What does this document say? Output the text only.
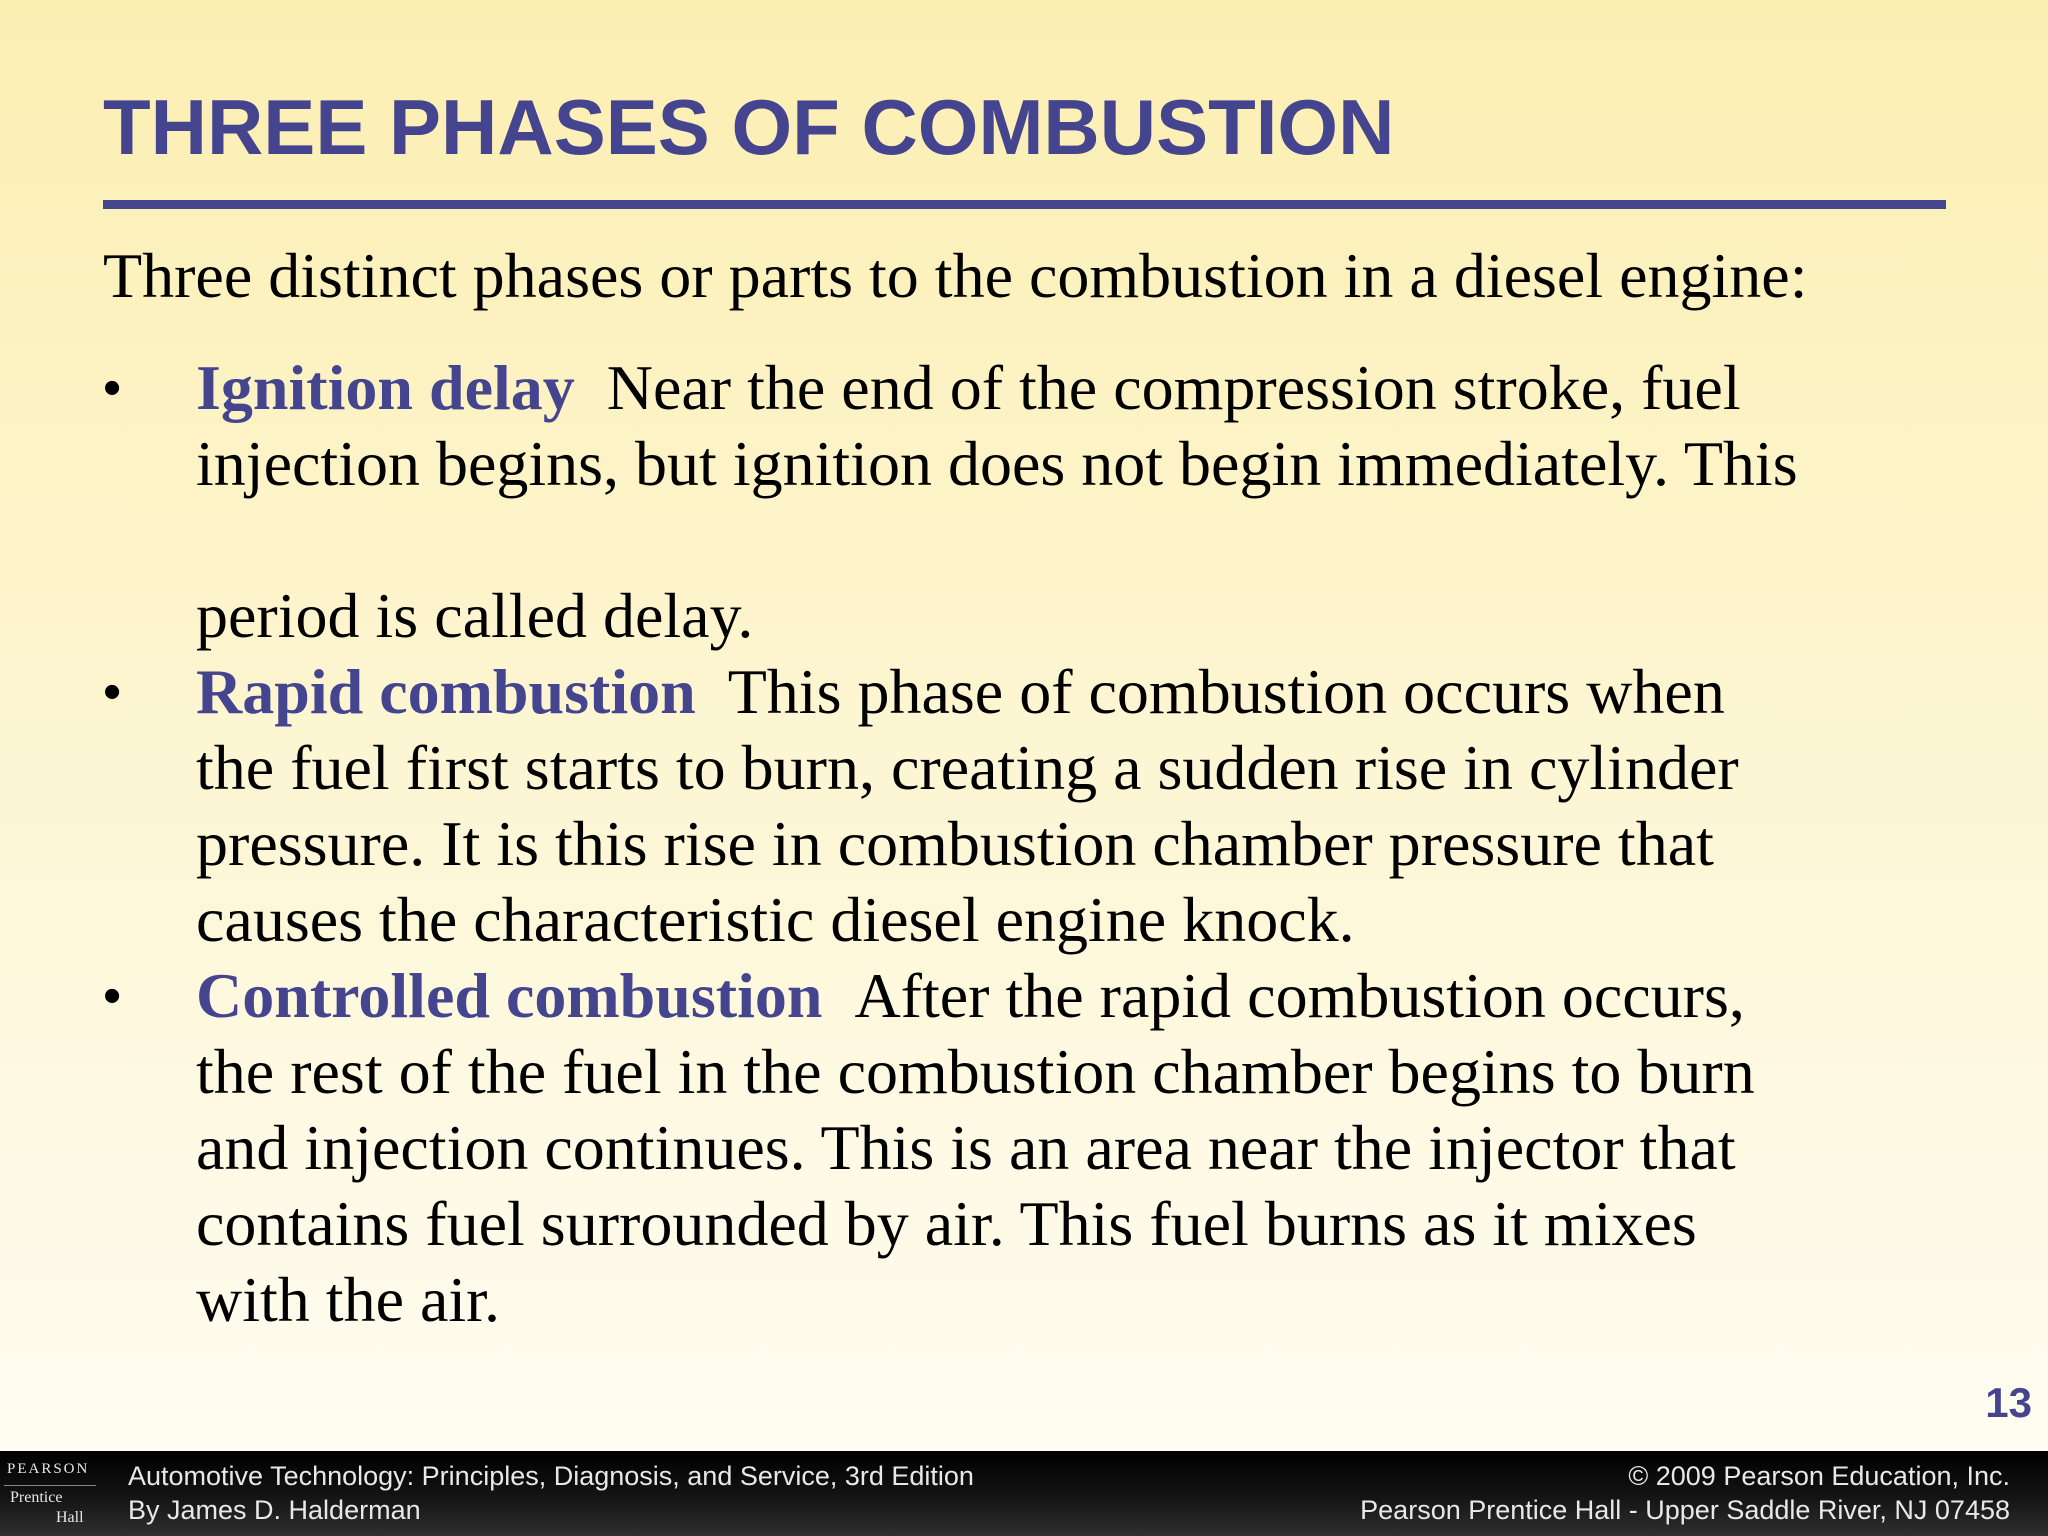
THREE PHASES OF COMBUSTION

Three distinct phases or parts to the combustion in a diesel engine:

•	Ignition delay Near the end of the compression stroke, fuel
injection begins, but ignition does not begin immediately. This
period is called delay.
•	Rapid combustion This phase of combustion occurs when
the fuel first starts to burn, creating a sudden rise in cylinder
pressure. It is this rise in combustion chamber pressure that
causes the characteristic diesel engine knock.
•	Controlled combustion After the rapid combustion occurs,
the rest of the fuel in the combustion chamber begins to burn
and injection continues. This is an area near the injector that
contains fuel surrounded by air. This fuel burns as it mixes
with the air.
13
PEARSON
Prentice
Hall
Automotive Technology: Principles, Diagnosis, and Service, 3rd Edition
By James D. Halderman
© 2009 Pearson Education, Inc.
Pearson Prentice Hall - Upper Saddle River, NJ 07458
